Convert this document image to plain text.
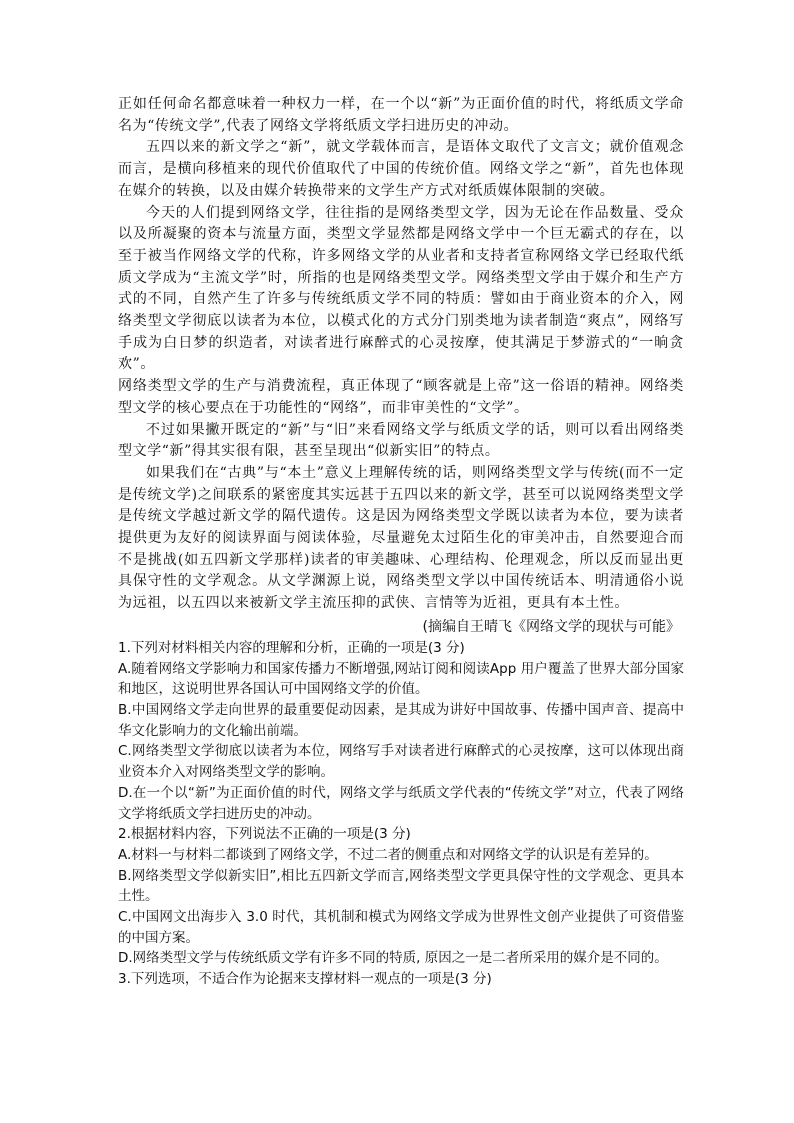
正如任何命名都意味着一种权力一样，在一个以“新”为正面价值的时代，将纸质文学命名为“传统文学”,代表了网络文学将纸质文学扫进历史的冲动。

五四以来的新文学之“新”，就文学载体而言，是语体文取代了文言文；就价值观念而言，是横向移植来的现代价值取代了中国的传统价值。网络文学之“新”，首先也体现在媒介的转换，以及由媒介转换带来的文学生产方式对纸质媒体限制的突破。

今天的人们提到网络文学，往往指的是网络类型文学，因为无论在作品数量、受众以及所凝聚的资本与流量方面，类型文学显然都是网络文学中一个巨无霸式的存在，以至于被当作网络文学的代称，许多网络文学的从业者和支持者宣称网络文学已经取代纸质文学成为“主流文学”时，所指的也是网络类型文学。网络类型文学由于媒介和生产方式的不同，自然产生了许多与传统纸质文学不同的特质：譬如由于商业资本的介入，网络类型文学彻底以读者为本位，以模式化的方式分门别类地为读者制造“爽点”，网络写手成为白日梦的织造者，对读者进行麻醉式的心灵按摩，使其满足于梦游式的“一晌贪欢”。

网络类型文学的生产与消费流程，真正体现了“顾客就是上帝”这一俗语的精神。网络类型文学的核心要点在于功能性的“网络”，而非审美性的“文学”。

不过如果撇开既定的“新”与“旧”来看网络文学与纸质文学的话，则可以看出网络类型文学“新”得其实很有限，甚至呈现出“似新实旧”的特点。

如果我们在“古典”与“本土”意义上理解传统的话，则网络类型文学与传统(而不一定是传统文学)之间联系的紧密度其实远甚于五四以来的新文学，甚至可以说网络类型文学是传统文学越过新文学的隔代遗传。这是因为网络类型文学既以读者为本位，要为读者提供更为友好的阅读界面与阅读体验，尽量避免太过陌生化的审美冲击，自然要迎合而不是挑战(如五四新文学那样)读者的审美趣味、心理结构、伦理观念，所以反而显出更具保守性的文学观念。从文学渊源上说，网络类型文学以中国传统话本、明清通俗小说为远祖，以五四以来被新文学主流压抑的武侠、言情等为近祖，更具有本土性。

(摘编自王晴飞《网络文学的现状与可能》

1.下列对材料相关内容的理解和分析，正确的一项是(3 分)

A.随着网络文学影响力和国家传播力不断增强,网站订阅和阅读App 用户覆盖了世界大部分国家和地区，这说明世界各国认可中国网络文学的价值。

B.中国网络文学走向世界的最重要促动因素，是其成为讲好中国故事、传播中国声音、提高中华文化影响力的文化输出前端。

C.网络类型文学彻底以读者为本位，网络写手对读者进行麻醉式的心灵按摩，这可以体现出商业资本介入对网络类型文学的影响。

D.在一个以“新”为正面价值的时代，网络文学与纸质文学代表的“传统文学”对立，代表了网络文学将纸质文学扫进历史的冲动。

2.根据材料内容，下列说法不正确的一项是(3 分)

A.材料一与材料二都谈到了网络文学，不过二者的侧重点和对网络文学的认识是有差异的。

B.网络类型文学似新实旧”,相比五四新文学而言,网络类型文学更具保守性的文学观念、更具本土性。

C.中国网文出海步入 3.0 时代，其机制和模式为网络文学成为世界性文创产业提供了可资借鉴的中国方案。

D.网络类型文学与传统纸质文学有许多不同的特质, 原因之一是二者所采用的媒介是不同的。

3.下列选项，不适合作为论据来支撑材料一观点的一项是(3 分)
